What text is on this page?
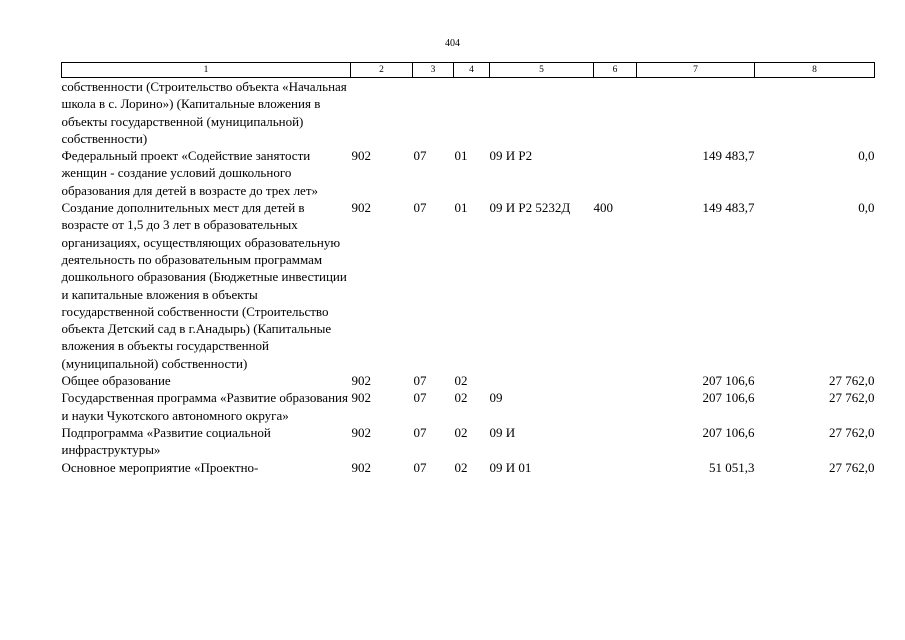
404
1	2	3	4	5	6	7	8
собственности (Строительство объекта «Начальная школа в с. Лорино») (Капитальные вложения в объекты государственной (муниципальной) собственности)							
Федеральный проект «Содействие занятости женщин - создание условий дошкольного образования для детей в возрасте до трех лет»	902	07	01	09 И Р2		149 483,7	0,0
Создание дополнительных мест для детей в возрасте от 1,5 до 3 лет в образовательных организациях, осуществляющих образовательную деятельность по образовательным программам дошкольного образования (Бюджетные инвестиции и капитальные вложения в объекты государственной собственности (Строительство объекта Детский сад в г.Анадырь) (Капитальные вложения в объекты государственной (муниципальной) собственности)	902	07	01	09 И Р2 5232Д	400	149 483,7	0,0
Общее образование	902	07	02			207 106,6	27 762,0
Государственная программа «Развитие образования и науки Чукотского автономного округа»	902	07	02	09		207 106,6	27 762,0
Подпрограмма «Развитие социальной инфраструктуры»	902	07	02	09 И		207 106,6	27 762,0
Основное мероприятие «Проектно-	902	07	02	09 И 01		51 051,3	27 762,0
